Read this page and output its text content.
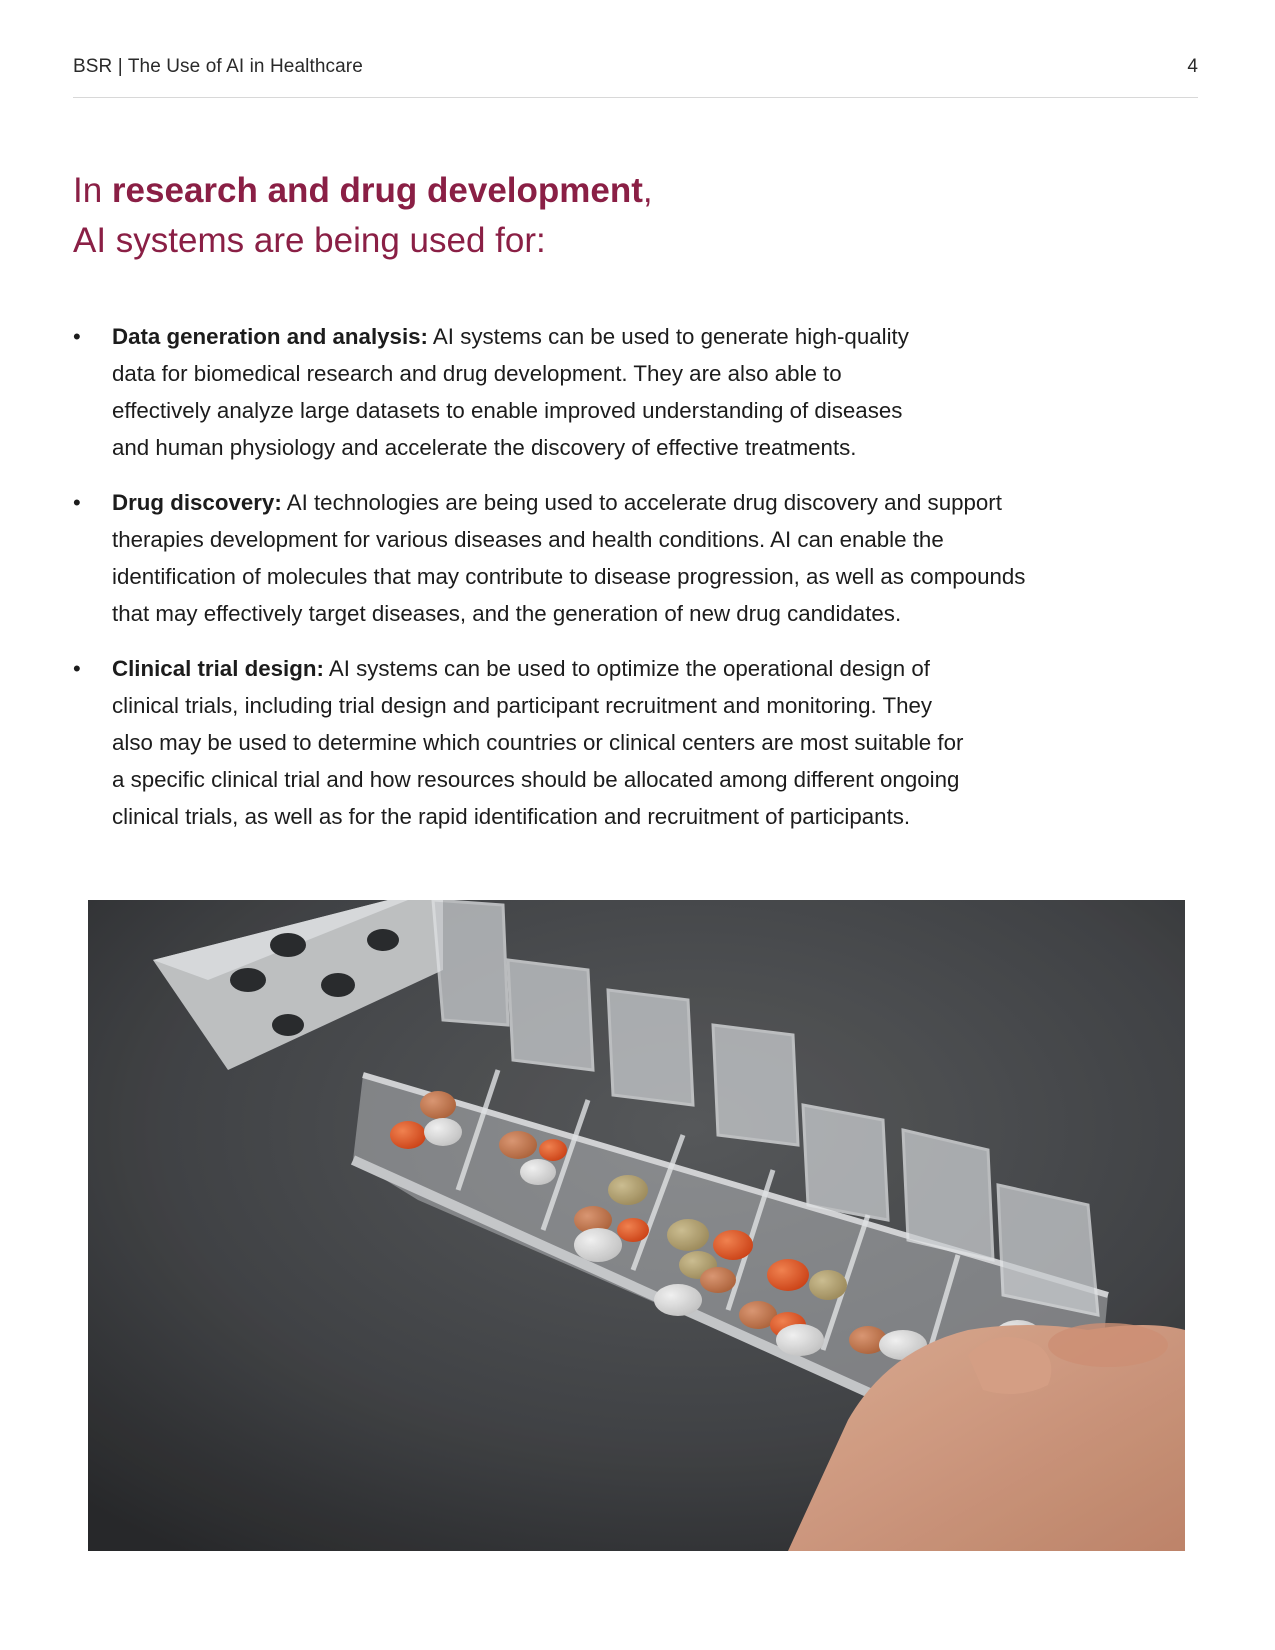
BSR | The Use of AI in Healthcare	4
In research and drug development,
AI systems are being used for:
• Data generation and analysis: AI systems can be used to generate high-quality
data for biomedical research and drug development. They are also able to
effectively analyze large datasets to enable improved understanding of diseases
and human physiology and accelerate the discovery of effective treatments.
• Drug discovery: AI technologies are being used to accelerate drug discovery and support
therapies development for various diseases and health conditions. AI can enable the
identification of molecules that may contribute to disease progression, as well as compounds
that may effectively target diseases, and the generation of new drug candidates.
• Clinical trial design: AI systems can be used to optimize the operational design of
clinical trials, including trial design and participant recruitment and monitoring. They
also may be used to determine which countries or clinical centers are most suitable for
a specific clinical trial and how resources should be allocated among different ongoing
clinical trials, as well as for the rapid identification and recruitment of participants.
